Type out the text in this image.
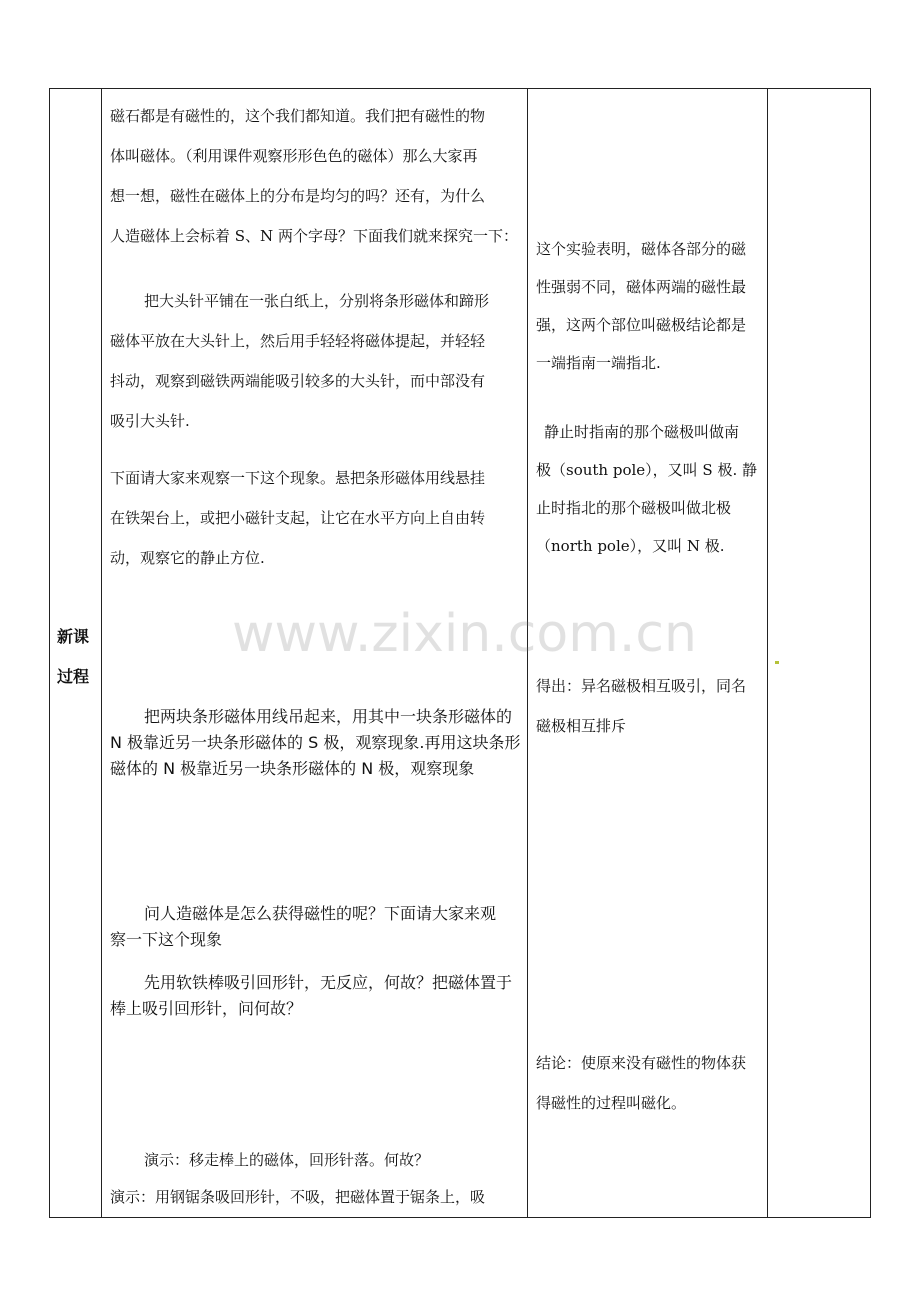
www.zixin.com.cn
新课
过程
磁石都是有磁性的，这个我们都知道。我们把有磁性的物
体叫磁体。（利用课件观察形形色色的磁体）那么大家再
想一想，磁性在磁体上的分布是均匀的吗？还有，为什么
人造磁体上会标着 S、N 两个字母？下面我们就来探究一下：
把大头针平铺在一张白纸上，分别将条形磁体和蹄形
磁体平放在大头针上，然后用手轻轻将磁体提起，并轻轻
抖动，观察到磁铁两端能吸引较多的大头针，而中部没有
吸引大头针.
下面请大家来观察一下这个现象。悬把条形磁体用线悬挂
在铁架台上，或把小磁针支起，让它在水平方向上自由转
动，观察它的静止方位.
把两块条形磁体用线吊起来，用其中一块条形磁体的
N 极靠近另一块条形磁体的 S 极，观察现象.再用这块条形
磁体的 N 极靠近另一块条形磁体的 N 极，观察现象
问人造磁体是怎么获得磁性的呢？下面请大家来观
察一下这个现象
先用软铁棒吸引回形针，无反应，何故？把磁体置于
棒上吸引回形针，问何故？
演示：移走棒上的磁体，回形针落。何故？
演示：用钢锯条吸回形针，不吸，把磁体置于锯条上，吸
这个实验表明，磁体各部分的磁
性强弱不同，磁体两端的磁性最
强，这两个部位叫磁极结论都是
一端指南一端指北.
静止时指南的那个磁极叫做南
极（south pole），又叫 S 极. 静
止时指北的那个磁极叫做北极
（north pole），又叫 N 极.
得出：异名磁极相互吸引，同名
磁极相互排斥
结论：使原来没有磁性的物体获
得磁性的过程叫磁化。
